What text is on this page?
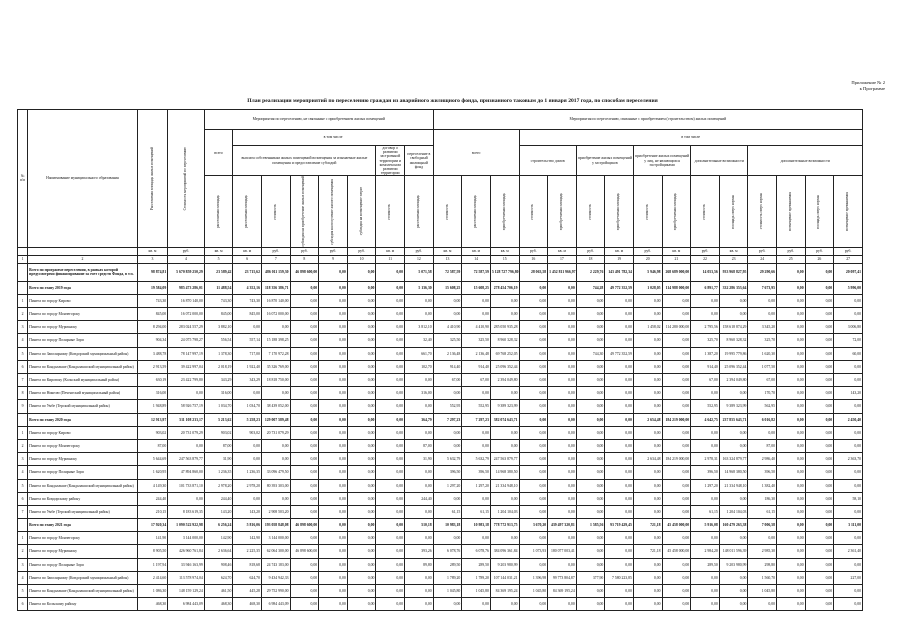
Приложение № 2
к Программе
План реализации мероприятий по переселению граждан из аварийного жилищного фонда, признанного таковым до 1 января 2017 года, по способам переселения
№ п/п	Наименование муниципального образования	Расселяемая площадь жилых помещений	Стоимость мероприятий по переселению	Мероприятия по переселению, не связанные с приобретением жилых помещений								Мероприятия по переселению, связанные с приобретением (строительством) жилых помещений														
				всего	в том числе							всего			в том числе											
					выплата собственникам жилых помещений возмещения за изымаемые жилые помещения и предоставление субсидий					договор о развитии застроенной территории и комплексном развитии территории	переселение в свободный жилищный фонд				строительство домов		приобретение жилых помещений у застройщиков		приобретение жилых помещений у лиц, не являющихся застройщиками		дополнительные возможности		дополнительные возможности			

				расселяемая площадь	расселяемая площадь	стоимость	субсидия на приобретение жилых помещений	субсидия на получение жилого помещения	субсидия на возмещение затрат	стоимость	расселяемая площадь	стоимость	расселяемая площадь	приобретаемая площадь	стоимость	приобретаемая площадь	стоимость	приобретаемая площадь	стоимость	приобретаемая площадь	стоимость	площадь сверх нормы	стоимость сверх нормы	возмещение превышения	площадь сверх нормы	возмещение превышения

		кв. м	руб.	кв. м	кв. м	руб.	руб.	руб.	руб.	кв. м	руб.	кв. м	кв. м	кв. м	руб.	кв. м	руб.	кв. м	руб.	кв. м	руб.	кв. м	руб.	руб.	руб.	руб.
1	2	3	4	5	6	7	8	9	10	11	12	13	14	15	16	17	18	19	20	21	22	23	24	25	26	27
	Всего по программе переселения, в рамках которой предусмотрено финансирование за счет средств Фонда, в т.ч.	98 874,81	5 670 859 250,29	23 589,42	23 715,62	486 011 159,30	46 898 600,00	0,00	0,00	0,00	5 071,58	72 587,59	72 587,59	5 128 727 796,80	28 063,58	1 452 811 966,97	2 229,76	143 491 782,34	5 946,98	268 689 000,00	14 053,56	933 968 827,95	29 290,66	0,00	0,00	20 097,41
	Всего по этапу 2019 года	19 584,09	985 473 286,01	11 488,54	4 352,16	118 356 386,71	0,00	0,00	0,00	0,00	5 136,30	15 608,25	15 608,25	278 454 706,19	0,00	0,00	744,28	49 772 352,59	1 028,05	114 988 000,00	6 891,77	332 286 353,64	7 673,95	0,00	0,00	5 996,00
1	Пинега по городу Кирово	743,30	16 870 140,00	743,30	743,30	16 870 140,00	0,00	0,00	0,00	0,00	0,00	0,00	0,00	0,00	0,00	0,00	0,00	0,00	0,00	0,00	0,00	0,00	0,00	0,00	0,00	0,00
2	Пинега по городу Мончегорску	845,00	16 072 000,00	845,00	845,00	16 072 000,00	0,00	0,00	0,00	0,00	0,00	0,00	0,00	0,00	0,00	0,00	0,00	0,00	0,00	0,00	0,00	0,00	0,00	0,00	0,00	0,00
3	Пинега по городу Мурманску	8 294,00	283 024 557,29	3 882,10	0,00	0,00	0,00	0,00	0,00	0,00	3 812,10	4 410,90	4 410,90	285 050 935,28	0,00	0,00	0,00	0,00	1 458,02	114 280 000,00	2 795,56	158 618 874,29	3 345,20	0,00	0,00	3 006,80
4	Пинега по городу Полярные Зори	904,34	24 075 798,27	556,54	557,14	15 188 398,25	0,00	0,00	0,00	0,00	32,40	325,50	325,50	8 960 328,32	0,00	0,00	0,00	0,00	0,00	0,00	325,70	8 960 328,32	325,70	0,00	0,00	72,00
5	Пинега по Заполярному (Ковдорский муниципальный район)	3 488,78	78 147 997,19	1 378,30	717,00	7 170 972,28	0,00	0,00	0,00	0,00	661,70	2 136,48	2 136,48	69 768 252,05	0,00	0,00	744,30	49 772 352,59	0,00	0,00	1 387,20	19 995 779,86	1 620,30	0,00	0,00	60,00
6	Пинега по Кандалакше (Кандалакшский муниципальный район)	2 913,59	39 422 997,04	2 018,19	1 922,40	35 326 769,00	0,00	0,00	0,00	0,00	102,70	914,40	914,40	25 096 352,44	0,00	0,00	0,00	0,00	0,00	0,00	914,40	25 096 352,44	1 077,50	0,00	0,00	0,00
7	Пинега по Кировску (Кольский муниципальный район)	630,19	23 422 799,80	343,29	343,29	18 818 750,00	0,00	0,00	0,00	0,00	0,00	67,00	67,00	2 394 049,80	0,00	0,00	0,00	0,00	0,00	0,00	67,00	2 394 049,80	67,00	0,00	0,00	0,00
8	Пинега по Никелю (Печенгский муниципальный район)	316,00	0,00	316,00	0,00	0,00	0,00	0,00	0,00	0,00	316,00	0,00	0,00	0,00	0,00	0,00	0,00	0,00	0,00	0,00	0,00	0,00	170,70	0,00	0,00	143,20
9	Пинега по Умбе (Терский муниципальный район)	1 948,89	58 926 757,19	1 034,70	1 034,70	38 439 052,00	0,00	0,00	0,00	0,00	0,00	552,95	552,95	9 389 323,99	0,00	0,00	0,00	0,00	0,00	0,00	552,95	9 389 323,99	562,95	0,00	0,00	0,00
	Всего по этапу 2020 года	12 913,97	511 108 233,17	5 213,62	5 258,23	129 007 589,48	0,00	0,00	0,00	0,00	364,79	7 297,23	7 297,23	382 074 643,71	0,00	0,00	0,00	0,00	2 654,48	184 219 000,00	4 642,75	237 855 643,71	6 016,82	0,00	0,00	2 450,40
1	Пинега по городу Кирово	903,02	20 731 079,29	903,02	903,02	20 731 079,29	0,00	0,00	0,00	0,00	0,00	0,00	0,00	0,00	0,00	0,00	0,00	0,00	0,00	0,00	0,00	0,00	0,00	0,00	0,00	0,00
2	Пинега по городу Мончегорску	87,00	0,00	87,00	0,00	0,00	0,00	0,00	0,00	0,00	87,00	0,00	0,00	0,00	0,00	0,00	0,00	0,00	0,00	0,00	0,00	0,00	87,00	0,00	0,00	0,00
3	Пинега по городу Мурманску	5 644,69	247 563 879,77	31,90	0,00	0,00	0,00	0,00	0,00	0,00	31,90	5 632,79	5 632,79	247 563 879,77	0,00	0,00	0,00	0,00	2 634,48	184 219 000,00	2 978,31	163 324 879,77	2 986,40	0,00	0,00	2 363,70
4	Пинега по городу Полярные Зори	1 620,95	47 894 860,00	1 236,35	1 236,35	33 096 479,50	0,00	0,00	0,00	0,00	0,00	396,50	396,50	14 968 380,50	0,00	0,00	0,00	0,00	0,00	0,00	396,50	14 968 380,50	396,50	0,00	0,00	0,00
5	Пинега по Кандалакше (Кандалакшский муниципальный район)	4 149,30	101 733 871,10	2 978,20	2 978,20	80 393 303,00	0,00	0,00	0,00	0,00	0,00	1 297,20	1 297,20	21 334 948,10	0,00	0,00	0,00	0,00	0,00	0,00	1 297,20	21 334 948,10	1 382,40	0,00	0,00	0,00
6	Пинега по Ковдорскому району	244,40	0,00	244,40	0,00	0,00	0,00	0,00	0,00	0,00	244,40	0,00	0,00	0,00	0,00	0,00	0,00	0,00	0,00	0,00	0,00	0,00	186,30	0,00	0,00	58,10
7	Пинега по Умбе (Терский муниципальный район)	210,15	8 183 619,35	143,20	143,20	2 908 503,20	0,00	0,00	0,00	0,00	0,00	61,15	61,15	1 204 104,03	0,00	0,00	0,00	0,00	0,00	0,00	61,15	1 204 104,03	61,15	0,00	0,00	0,00
	Всего по этапу 2021 года	17 920,34	1 090 522 922,98	6 256,24	5 816,06	193 058 848,08	46 898 600,00	0,00	0,00	0,00	510,18	10 983,18	10 983,18	778 772 913,75	3 670,20	439 497 320,81	1 585,56	93 719 429,45	721,18	45 458 000,00	5 916,08	160 479 263,38	7 006,58	0,00	0,00	3 111,00
1	Пинега по городу Мончегорску	141,90	3 144 000,00	142,90	142,90	3 144 000,00	0,00	0,00	0,00	0,00	0,00	0,00	0,00	0,00	0,00	0,00	0,00	0,00	0,00	0,00	0,00	0,00	0,00	0,00	0,00	0,00
2	Пинега по городу Мурманску	8 905,50	426 960 761,84	2 636,64	2 225,35	62 064 300,00	46 898 600,00	0,00	0,00	0,00	393,26	6 078,76	6 078,76	384 096 361,84	1 073,93	180 077 003,41	0,00	0,00	721,18	45 458 000,00	2 984,20	148 011 596,39	2 985,30	0,00	0,00	2 361,40
3	Пинега по городу Полярные Зори	1 197,94	33 946 163,99	908,46	818,68	24 743 183,00	0,00	0,00	0,00	0,00	89,80	289,50	289,50	9 203 980,99	0,00	0,00	0,00	0,00	0,00	0,00	289,50	9 203 980,99	298,80	0,00	0,00	0,00
4	Пинега по Заполярному (Ковдорский муниципальный район)	2 414,60	113 578 974,04	624,70	624,70	9 434 942,33	0,00	0,00	0,00	0,00	0,00	1 789,20	1 789,20	107 144 031,21	1 396,98	99 773 804,87	377,90	7 580 223,85	0,00	0,00	0,00	0,00	1 560,70	0,00	0,00	227,00
5	Пинега по Кандалакше (Кандалакшский муниципальный район)	1 086,30	148 159 129,24	461,50	445,28	29 752 990,00	0,00	0,00	0,00	0,00	0,00	1 045,80	1 045,80	84 369 195,24	1 045,80	84 369 195,24	0,00	0,00	0,00	0,00	0,00	0,00	1 045,80	0,00	0,00	0,00
6	Пинега по Кольскому району	468,30	6 984 443,09	468,30	468,30	6 984 443,09	0,00	0,00	0,00	0,00	0,00	0,00	0,00	0,00	0,00	0,00	0,00	0,00	0,00	0,00	0,00	0,00	0,00	0,00	0,00	0,00
